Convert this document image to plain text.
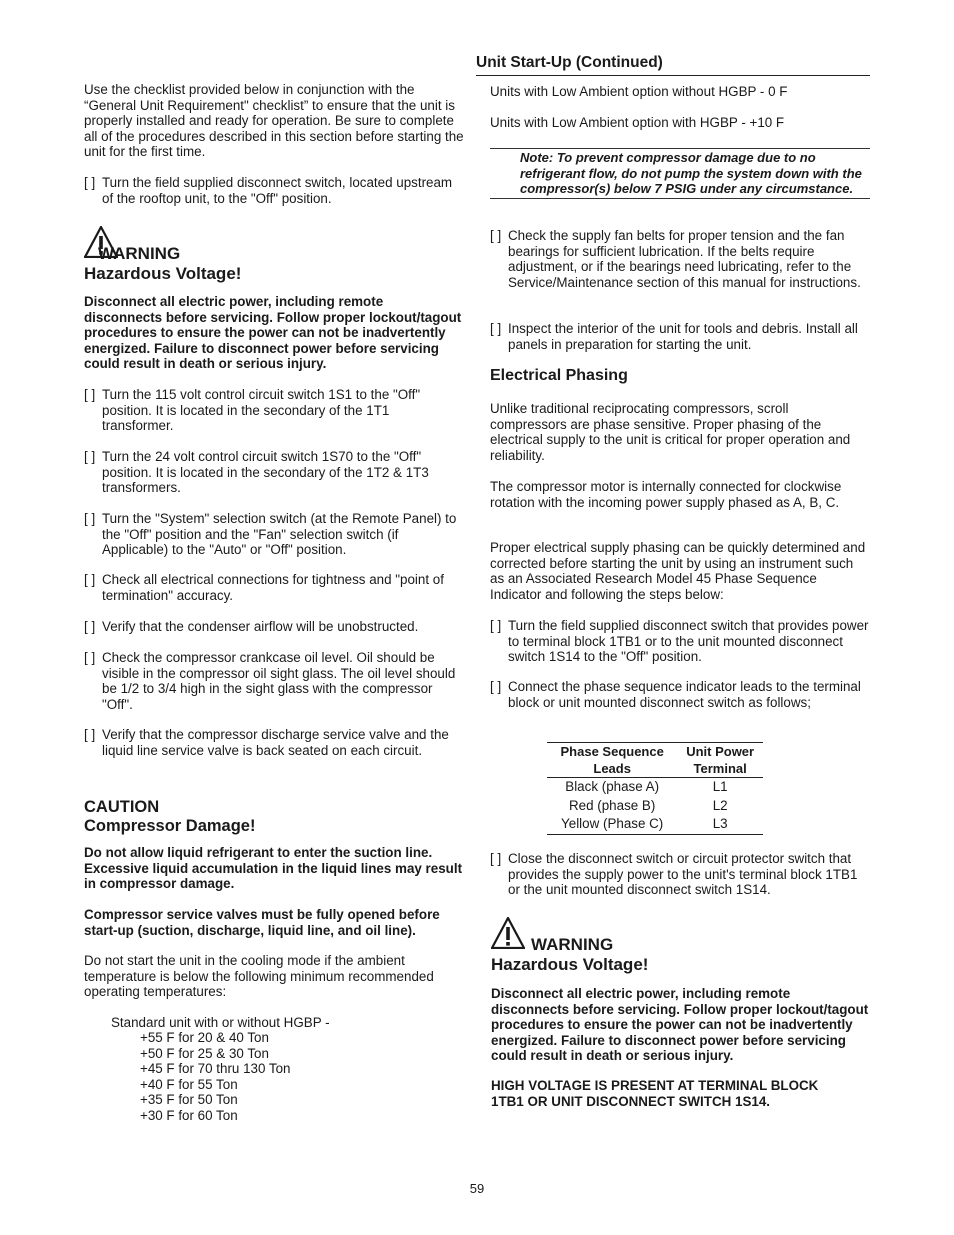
Use the checklist provided below in conjunction with the “General Unit Requirement" checklist” to ensure that the unit is properly installed and ready for operation. Be sure to complete all of the procedures described in this section before starting the unit for the first time.

[ ] Turn the field supplied disconnect switch, located upstream of the rooftop unit, to the "Off" position.
WARNING
Hazardous Voltage!

Disconnect all electric power, including remote disconnects before servicing. Follow proper lockout/tagout procedures to ensure the power can not be inadvertently energized. Failure to disconnect power before servicing could result in death or serious injury.

[ ] Turn the 115 volt control circuit switch 1S1 to the "Off" position. It is located in the secondary of the 1T1 transformer.
[ ] Turn the 24 volt control circuit switch 1S70 to the "Off" position. It is located in the secondary of the 1T2 & 1T3 transformers.
[ ] Turn the "System" selection switch (at the Remote Panel) to the "Off" position and the "Fan" selection switch (if Applicable) to the "Auto" or "Off" position.
[ ] Check all electrical connections for tightness and "point of termination" accuracy.
[ ] Verify that the condenser airflow will be unobstructed.
[ ] Check the compressor crankcase oil level. Oil should be visible in the compressor oil sight glass. The oil level should be 1/2 to 3/4 high in the sight glass with the compressor "Off".
[ ] Verify that the compressor discharge service valve and the liquid line service valve is back seated on each circuit.
CAUTION
Compressor Damage!

Do not allow liquid refrigerant to enter the suction line. Excessive liquid accumulation in the liquid lines may result in compressor damage.

Compressor service valves must be fully opened before start-up (suction, discharge, liquid line, and oil line).

Do not start the unit in the cooling mode if the ambient temperature is below the following minimum recommended operating temperatures:

Standard unit with or without HGBP -

+55 F for 20 & 40 Ton

+50 F for 25 & 30 Ton

+45 F for 70 thru 130 Ton

+40 F for 55 Ton

+35 F for 50 Ton

+30 F for 60 Ton

Unit Start-Up (Continued)

Units with Low Ambient option without HGBP - 0 F

Units with Low Ambient option with HGBP - +10 F

Note: To prevent compressor damage due to no refrigerant flow, do not pump the system down with the compressor(s) below 7 PSIG under any circumstance.
[ ] Check the supply fan belts for proper tension and the fan bearings for sufficient lubrication. If the belts require adjustment, or if the bearings need lubricating, refer to the Service/Maintenance section of this manual for instructions.
[ ] Inspect the interior of the unit for tools and debris. Install all panels in preparation for starting the unit.
Electrical Phasing

Unlike traditional reciprocating compressors, scroll compressors are phase sensitive. Proper phasing of the electrical supply to the unit is critical for proper operation and reliability.

The compressor motor is internally connected for clockwise rotation with the incoming power supply phased as A, B, C.

Proper electrical supply phasing can be quickly determined and corrected before starting the unit by using an instrument such as an Associated Research Model 45 Phase Sequence Indicator and following the steps below:

[ ] Turn the field supplied disconnect switch that provides power to terminal block 1TB1 or to the unit mounted disconnect switch 1S14 to the "Off" position.
[ ] Connect the phase sequence indicator leads to the terminal block or unit mounted disconnect switch as follows;
Phase Sequence	Unit Power
Leads	Terminal
Black (phase A)	L1
Red (phase B)	L2
Yellow (Phase C)	L3
[ ] Close the disconnect switch or circuit protector switch that provides the supply power to the unit's terminal block 1TB1 or the unit mounted disconnect switch 1S14.
WARNING
Hazardous Voltage!

Disconnect all electric power, including remote disconnects before servicing. Follow proper lockout/tagout procedures to ensure the power can not be inadvertently energized. Failure to disconnect power before servicing could result in death or serious injury.

HIGH VOLTAGE IS PRESENT AT TERMINAL BLOCK 1TB1 OR UNIT DISCONNECT SWITCH 1S14.

59
